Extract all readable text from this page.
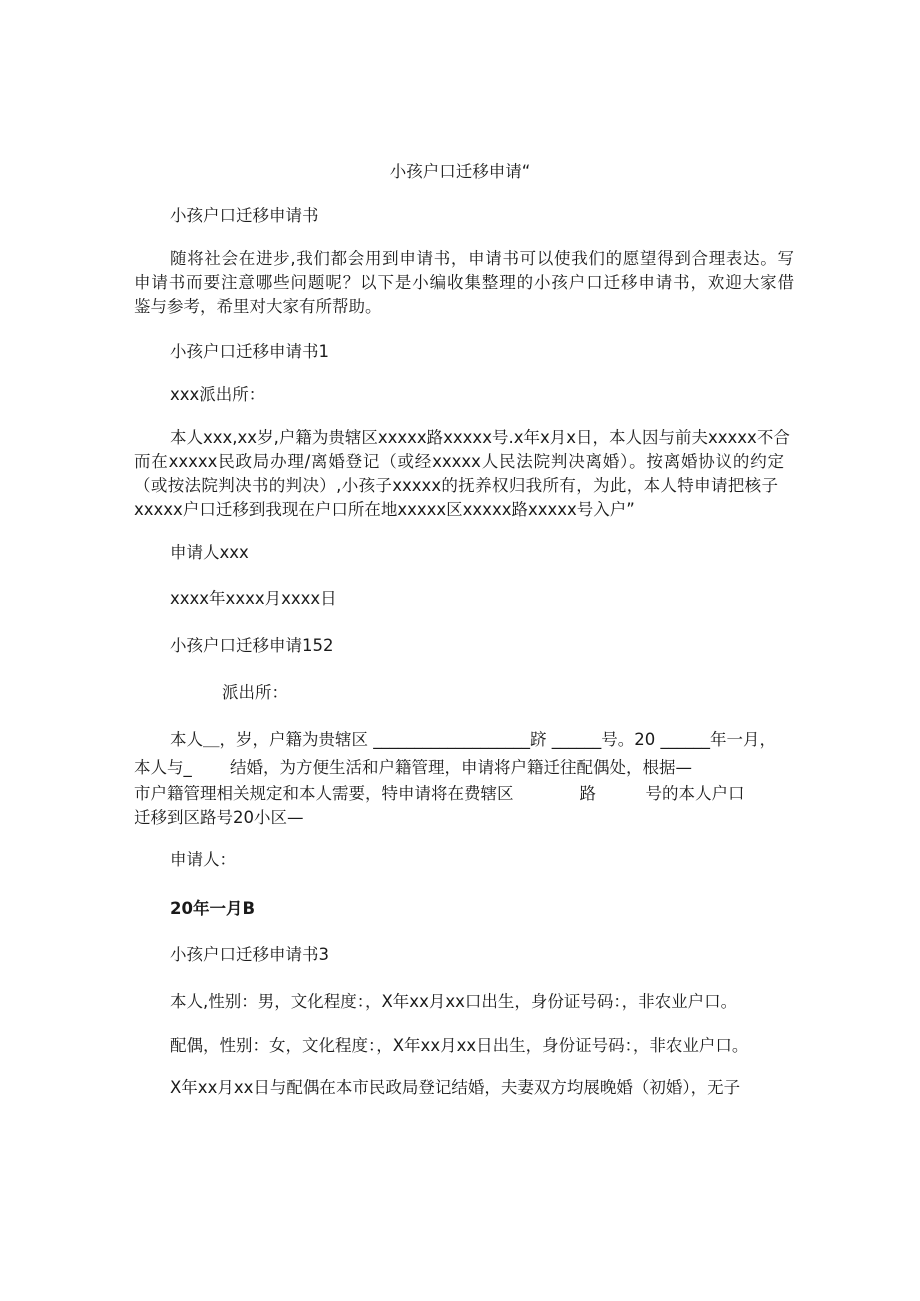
小孩户口迁移申请“
小孩户口迁移申请书
随将社会在进步,我们都会用到申请书，申请书可以使我们的愿望得到合理表达。写
申请书而要注意哪些问题呢？以下是小编收集整理的小孩户口迁移申请书，欢迎大家借
鉴与参考，希里对大家有所帮助。
小孩户口迁移申请书1
xxx派出所：
本人xxx,xx岁,户籍为贵辖区xxxxx路xxxxx号.x年x月x日，本人因与前夫xxxxx不合
而在xxxxx民政局办理/离婚登记（或经xxxxx人民法院判决离婚）。按离婚协议的约定
（或按法院判决书的判决）,小孩子xxxxx的抚养权归我所有，为此，本人特申请把核子
xxxxx户口迁移到我现在户口所在地xxxxx区xxxxx路xxxxx号入户”
申请人xxx
xxxx年xxxx月xxxx日
小孩户口迁移申请152
派出所：
本人＿，岁，户籍为贵辖区 ___________________跻 ______号。20 ______年一月，
本人与_　　 结婚，为方便生活和户籍管理，申请将户籍迁往配偶处，根据—
市户籍管理相关规定和本人需要，特申请将在费辖区　　　　路　　　号的本人户口
迁移到区路号20小区—
申请人：
20年一月B
小孩户口迁移申请书3
本人,性别：男，文化程度：，X年xx月xx口出生，身份证号码：，非农业户口。
配偶，性别：女，文化程度：，X年xx月xx日出生，身份证号码：，非农业户口。
X年xx月xx日与配偶在本市民政局登记结婚，夫妻双方均展晚婚（初婚），无子
